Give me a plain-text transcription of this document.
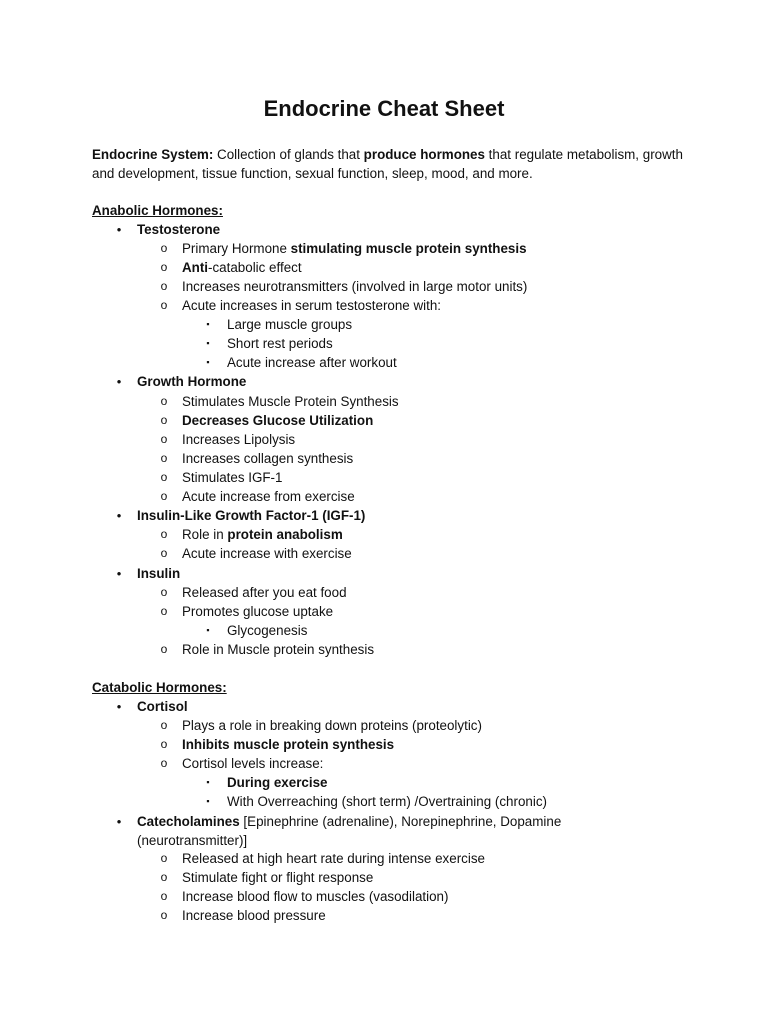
Endocrine Cheat Sheet
Endocrine System: Collection of glands that produce hormones that regulate metabolism, growth and development, tissue function, sexual function, sleep, mood, and more.
Anabolic Hormones:
•	Testosterone
o Primary Hormone stimulating muscle protein synthesis
o Anti-catabolic effect
o Increases neurotransmitters (involved in large motor units)
o Acute increases in serum testosterone with:
▪	Large muscle groups
▪	Short rest periods
▪	Acute increase after workout
•	Growth Hormone
o Stimulates Muscle Protein Synthesis
o Decreases Glucose Utilization
o Increases Lipolysis
o Increases collagen synthesis
o Stimulates IGF-1
o Acute increase from exercise
•	Insulin-Like Growth Factor-1 (IGF-1)
o Role in protein anabolism
o Acute increase with exercise
•	Insulin
o Released after you eat food
o Promotes glucose uptake
▪	Glycogenesis
o Role in Muscle protein synthesis
Catabolic Hormones:
•	Cortisol
o Plays a role in breaking down proteins (proteolytic)
o Inhibits muscle protein synthesis
o Cortisol levels increase:
▪	During exercise
▪	With Overreaching (short term) /Overtraining (chronic)
•	Catecholamines [Epinephrine (adrenaline), Norepinephrine, Dopamine
(neurotransmitter)]
o Released at high heart rate during intense exercise
o Stimulate fight or flight response
o Increase blood flow to muscles (vasodilation)
o Increase blood pressure
